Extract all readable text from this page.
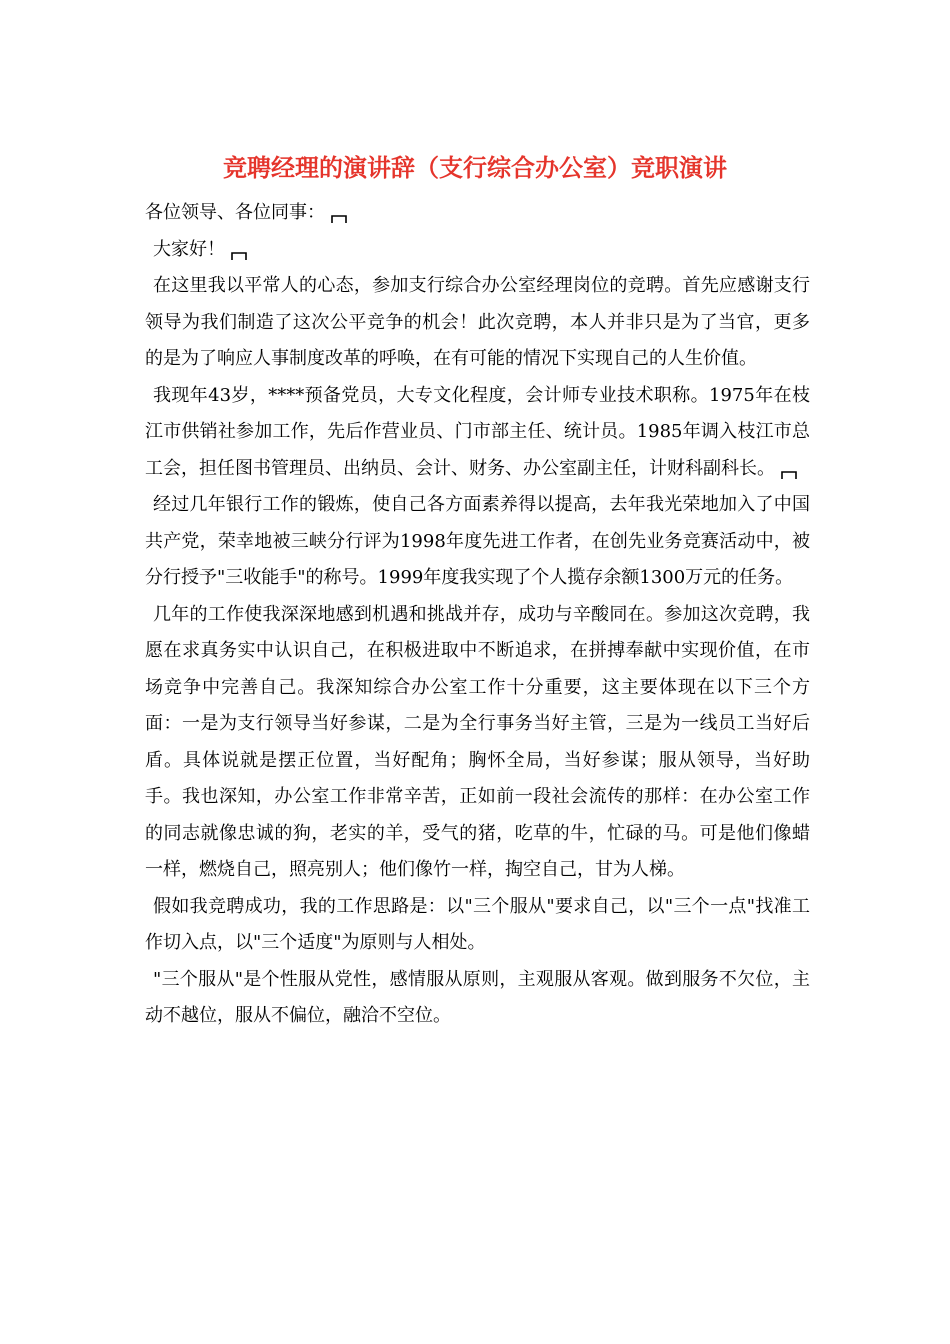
竞聘经理的演讲辞（支行综合办公室）竞职演讲

各位领导、各位同事：

大家好！

在这里我以平常人的心态，参加支行综合办公室经理岗位的竞聘。首先应感谢支行领导为我们制造了这次公平竞争的机会！此次竞聘，本人并非只是为了当官，更多的是为了响应人事制度改革的呼唤，在有可能的情况下实现自己的人生价值。

我现年43岁，****预备党员，大专文化程度，会计师专业技术职称。1975年在枝江市供销社参加工作，先后作营业员、门市部主任、统计员。1985年调入枝江市总工会，担任图书管理员、出纳员、会计、财务、办公室副主任，计财科副科长。

经过几年银行工作的锻炼，使自己各方面素养得以提高，去年我光荣地加入了中国共产党，荣幸地被三峡分行评为1998年度先进工作者，在创先业务竞赛活动中，被分行授予"三收能手"的称号。1999年度我实现了个人揽存余额1300万元的任务。

几年的工作使我深深地感到机遇和挑战并存，成功与辛酸同在。参加这次竞聘，我愿在求真务实中认识自己，在积极进取中不断追求，在拼搏奉献中实现价值，在市场竞争中完善自己。我深知综合办公室工作十分重要，这主要体现在以下三个方面：一是为支行领导当好参谋，二是为全行事务当好主管，三是为一线员工当好后盾。具体说就是摆正位置，当好配角；胸怀全局，当好参谋；服从领导，当好助手。我也深知，办公室工作非常辛苦，正如前一段社会流传的那样：在办公室工作的同志就像忠诚的狗，老实的羊，受气的猪，吃草的牛，忙碌的马。可是他们像蜡一样，燃烧自己，照亮别人；他们像竹一样，掏空自己，甘为人梯。

假如我竞聘成功，我的工作思路是：以"三个服从"要求自己，以"三个一点"找准工作切入点，以"三个适度"为原则与人相处。

"三个服从"是个性服从党性，感情服从原则，主观服从客观。做到服务不欠位，主动不越位，服从不偏位，融洽不空位。
